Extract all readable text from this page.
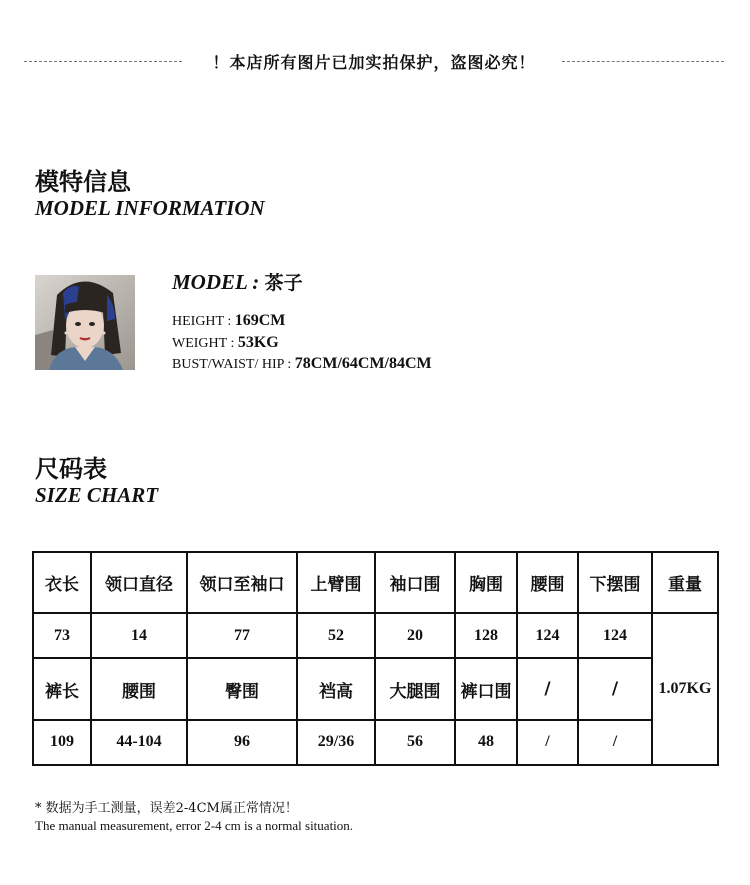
！本店所有图片已加实拍保护，盗图必究！
模特信息
MODEL INFORMATION
MODEL : 茶子
HEIGHT : 169CM
WEIGHT : 53KG
BUST/WAIST/ HIP : 78CM/64CM/84CM
尺码表
SIZE CHART
衣长	领口直径	领口至袖口	上臂围	袖口围	胸围	腰围	下摆围	重量
73	14	77	52	20	128	124	124	1.07KG
裤长	腰围	臀围	裆高	大腿围	裤口围	/	/	
109	44-104	96	29/36	56	48	/	/	
* 数据为手工测量，误差2-4CM属正常情况！
The manual measurement, error 2-4 cm is a normal situation.
